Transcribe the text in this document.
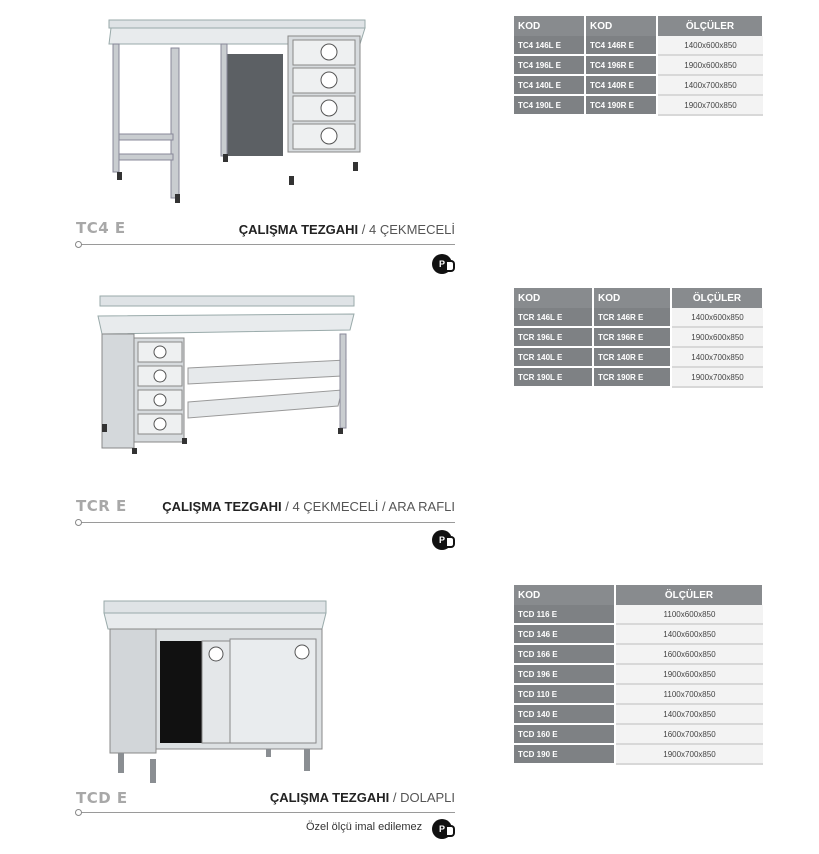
TC4 E	ÇALIŞMA TEZGAHI / 4 ÇEKMECELİ
P
KOD	KOD	ÖLÇÜLER
TC4 146L E	TC4 146R E	1400x600x850
TC4 196L E	TC4 196R E	1900x600x850
TC4 140L E	TC4 140R E	1400x700x850
TC4 190L E	TC4 190R E	1900x700x850
TCR E	ÇALIŞMA TEZGAHI / 4 ÇEKMECELİ / ARA RAFLI
P
KOD	KOD	ÖLÇÜLER
TCR 146L E	TCR 146R E	1400x600x850
TCR 196L E	TCR 196R E	1900x600x850
TCR 140L E	TCR 140R E	1400x700x850
TCR 190L E	TCR 190R E	1900x700x850
TCD E	ÇALIŞMA TEZGAHI / DOLAPLI
Özel ölçü imal edilemez	P
KOD	ÖLÇÜLER
TCD 116 E	1100x600x850
TCD 146 E	1400x600x850
TCD 166 E	1600x600x850
TCD 196 E	1900x600x850
TCD 110 E	1100x700x850
TCD 140 E	1400x700x850
TCD 160 E	1600x700x850
TCD 190 E	1900x700x850
